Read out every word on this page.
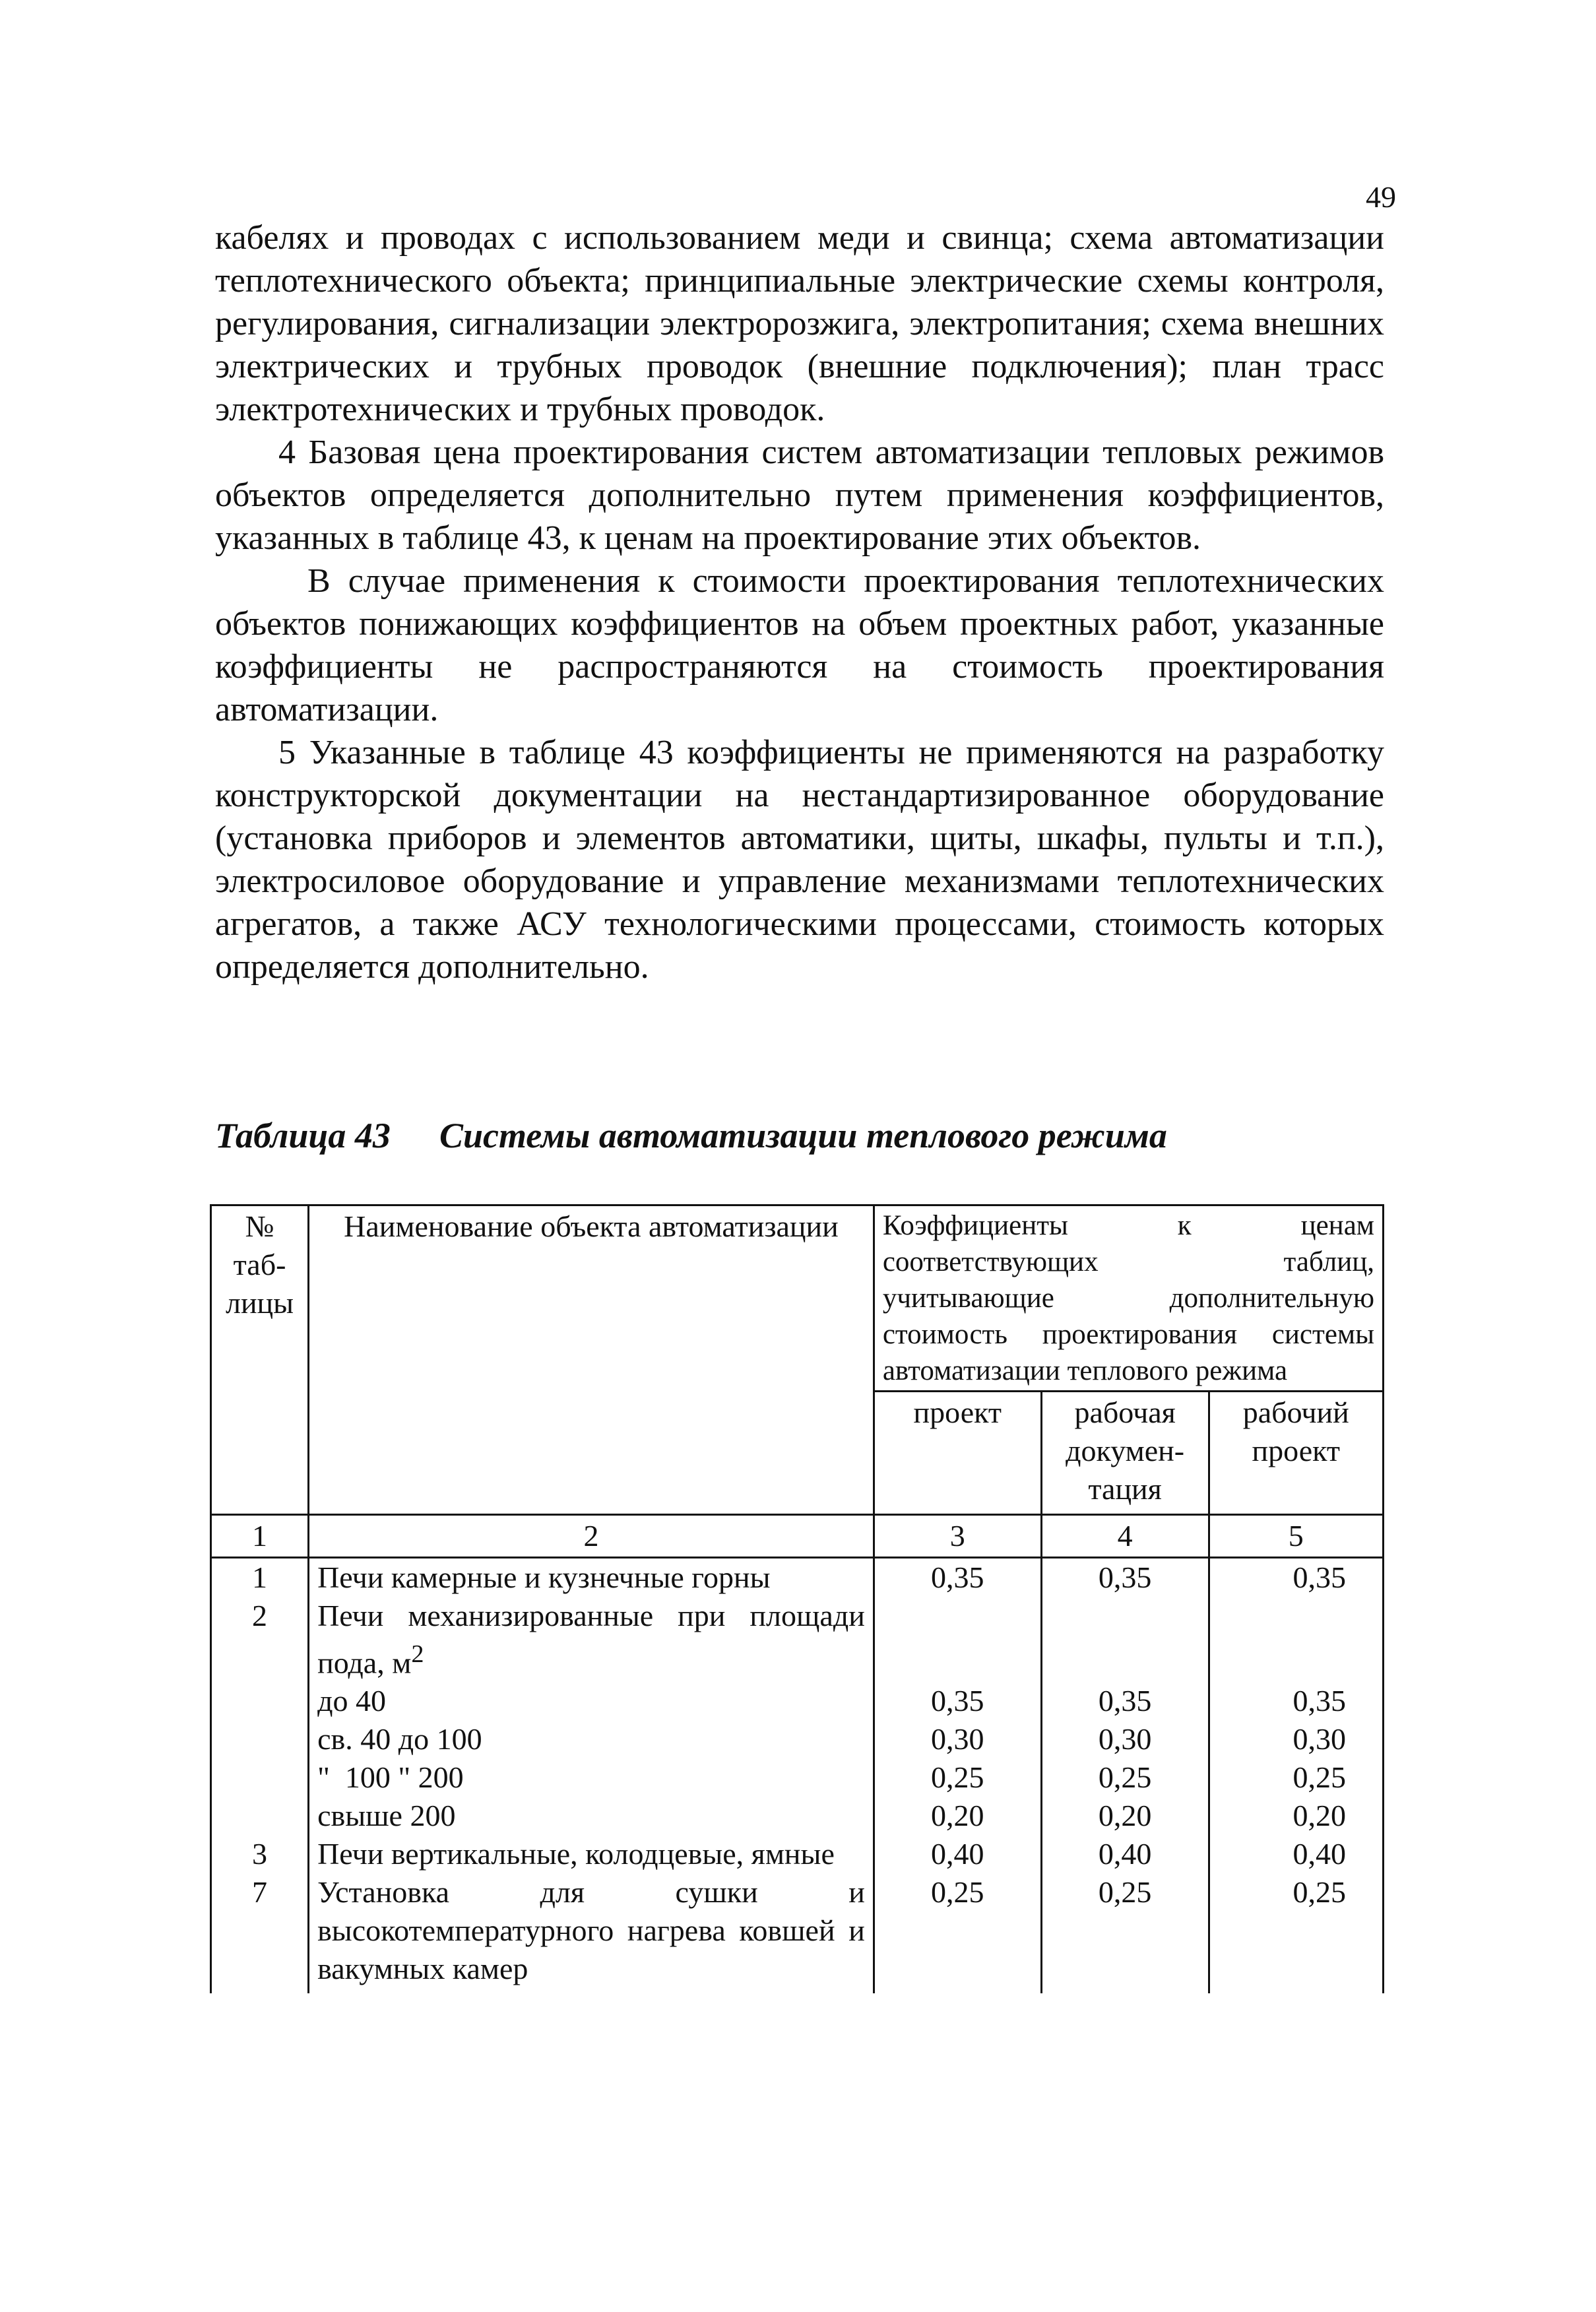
49

кабелях и проводах с использованием меди и свинца; схема автоматизации теплотехнического объекта; принципиальные электрические схемы контроля, регулирования, сигнализации электророзжига, электропитания; схема внешних электрических и трубных проводок (внешние подключения); план трасс электротехнических и трубных проводок.

4 Базовая цена проектирования систем автоматизации тепловых режимов объектов определяется дополнительно путем применения коэффициентов, указанных в таблице 43, к ценам на проектирование этих объектов.

В случае применения к стоимости проектирования теплотехнических объектов понижающих коэффициентов на объем проектных работ, указанные коэффициенты не распространяются на стоимость проектирования автоматизации.

5 Указанные в таблице 43 коэффициенты не применяются на разработку конструкторской документации на нестандартизированное оборудование (установка приборов и элементов автоматики, щиты, шкафы, пульты и т.п.), электросиловое оборудование и управление механизмами теплотехнических агрегатов, а также АСУ технологическими процессами, стоимость которых определяется дополнительно.

Таблица 43 Системы автоматизации теплового режима
№ таб-лицы	Наименование объекта автоматизации	Коэффициенты к ценам соответствующих таблиц, учитывающие дополнительную стоимость проектирования системы автоматизации теплового режима		
		проект	рабочая докумен-тация	рабочий проект
1	2	3	4	5
1	Печи камерные и кузнечные горны	0,35	0,35	0,35
2	Печи механизированные при площади пода, $м^2$			
	до 40	0,35	0,35	0,35
	св. 40 до 100	0,30	0,30	0,30
	"  100 " 200	0,25	0,25	0,25
	свыше 200	0,20	0,20	0,20
3	Печи вертикальные, колодцевые, ямные	0,40	0,40	0,40
7	Установка для сушки и высокотемпературного нагрева ковшей и вакумных камер	0,25	0,25	0,25
